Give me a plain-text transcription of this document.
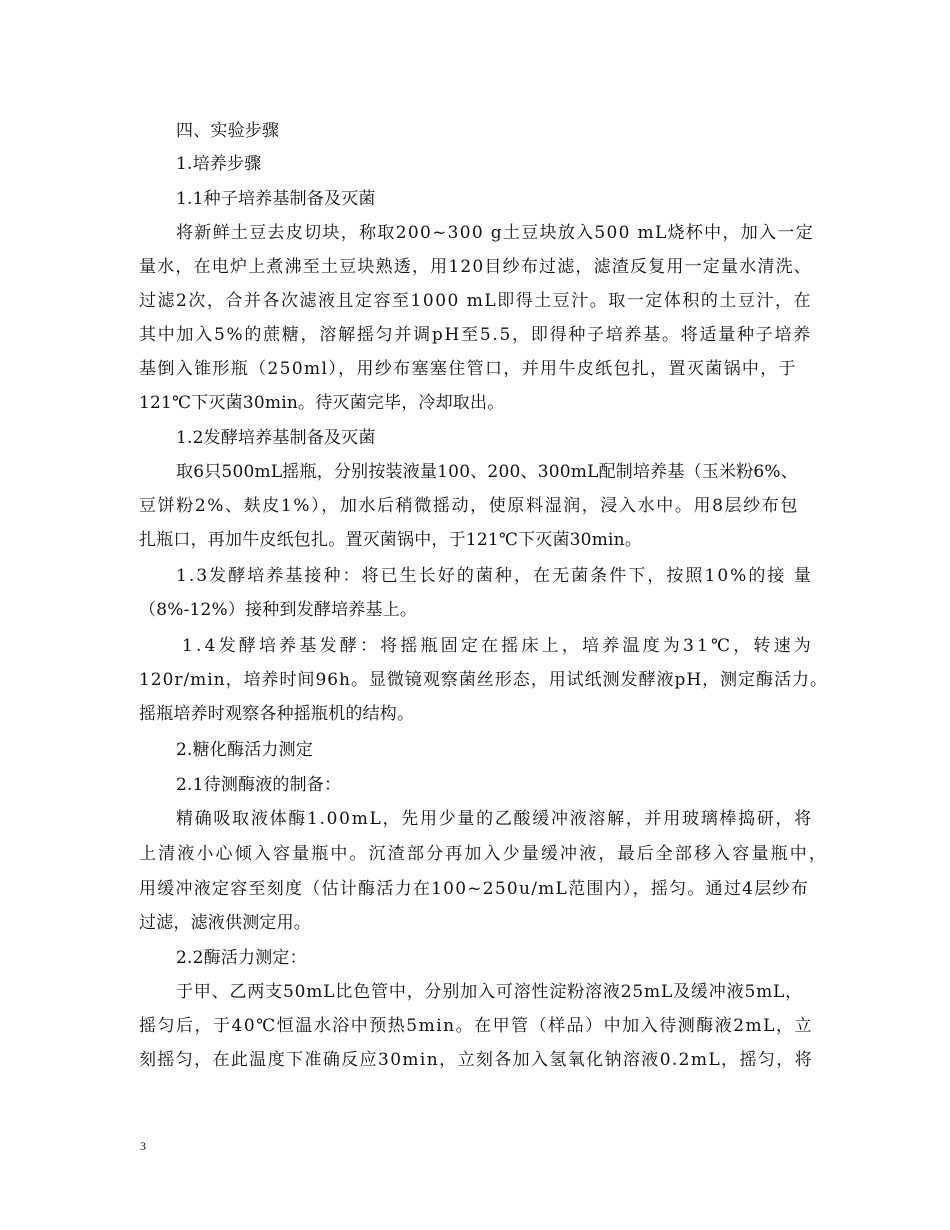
四、实验步骤
1.培养步骤
1.1种子培养基制备及灭菌
将新鲜土豆去皮切块，称取200~300 g土豆块放入500 mL烧杯中，加入一定
量水，在电炉上煮沸至土豆块熟透，用120目纱布过滤，滤渣反复用一定量水清洗、
过滤2次，合并各次滤液且定容至1000 mL即得土豆汁。取一定体积的土豆汁，在
其中加入5%的蔗糖，溶解摇匀并调pH至5.5，即得种子培养基。将适量种子培养
基倒入锥形瓶（250ml），用纱布塞塞住管口，并用牛皮纸包扎，置灭菌锅中，于
121℃下灭菌30min。待灭菌完毕，冷却取出。
1.2发酵培养基制备及灭菌
取6只500mL摇瓶，分别按装液量100、200、300mL配制培养基（玉米粉6%、
豆饼粉2%、麸皮1%），加水后稍微摇动，使原料湿润，浸入水中。用8层纱布包
扎瓶口，再加牛皮纸包扎。置灭菌锅中，于121℃下灭菌30min。
1.3发酵培养基接种：将已生长好的菌种，在无菌条件下，按照10%的接 量
（8%-12%）接种到发酵培养基上。
1.4发酵培养基发酵：将摇瓶固定在摇床上，培养温度为31℃，转速为
120r/min，培养时间96h。显微镜观察菌丝形态，用试纸测发酵液pH，测定酶活力。
摇瓶培养时观察各种摇瓶机的结构。
2.糖化酶活力测定
2.1待测酶液的制备：
精确吸取液体酶1.00mL，先用少量的乙酸缓冲液溶解，并用玻璃棒捣研，将
上清液小心倾入容量瓶中。沉渣部分再加入少量缓冲液，最后全部移入容量瓶中，
用缓冲液定容至刻度（估计酶活力在100~250u/mL范围内），摇匀。通过4层纱布
过滤，滤液供测定用。
2.2酶活力测定：
于甲、乙两支50mL比色管中，分别加入可溶性淀粉溶液25mL及缓冲液5mL，
摇匀后，于40℃恒温水浴中预热5min。在甲管（样品）中加入待测酶液2mL，立
刻摇匀，在此温度下准确反应30min，立刻各加入氢氧化钠溶液0.2mL，摇匀，将
3
